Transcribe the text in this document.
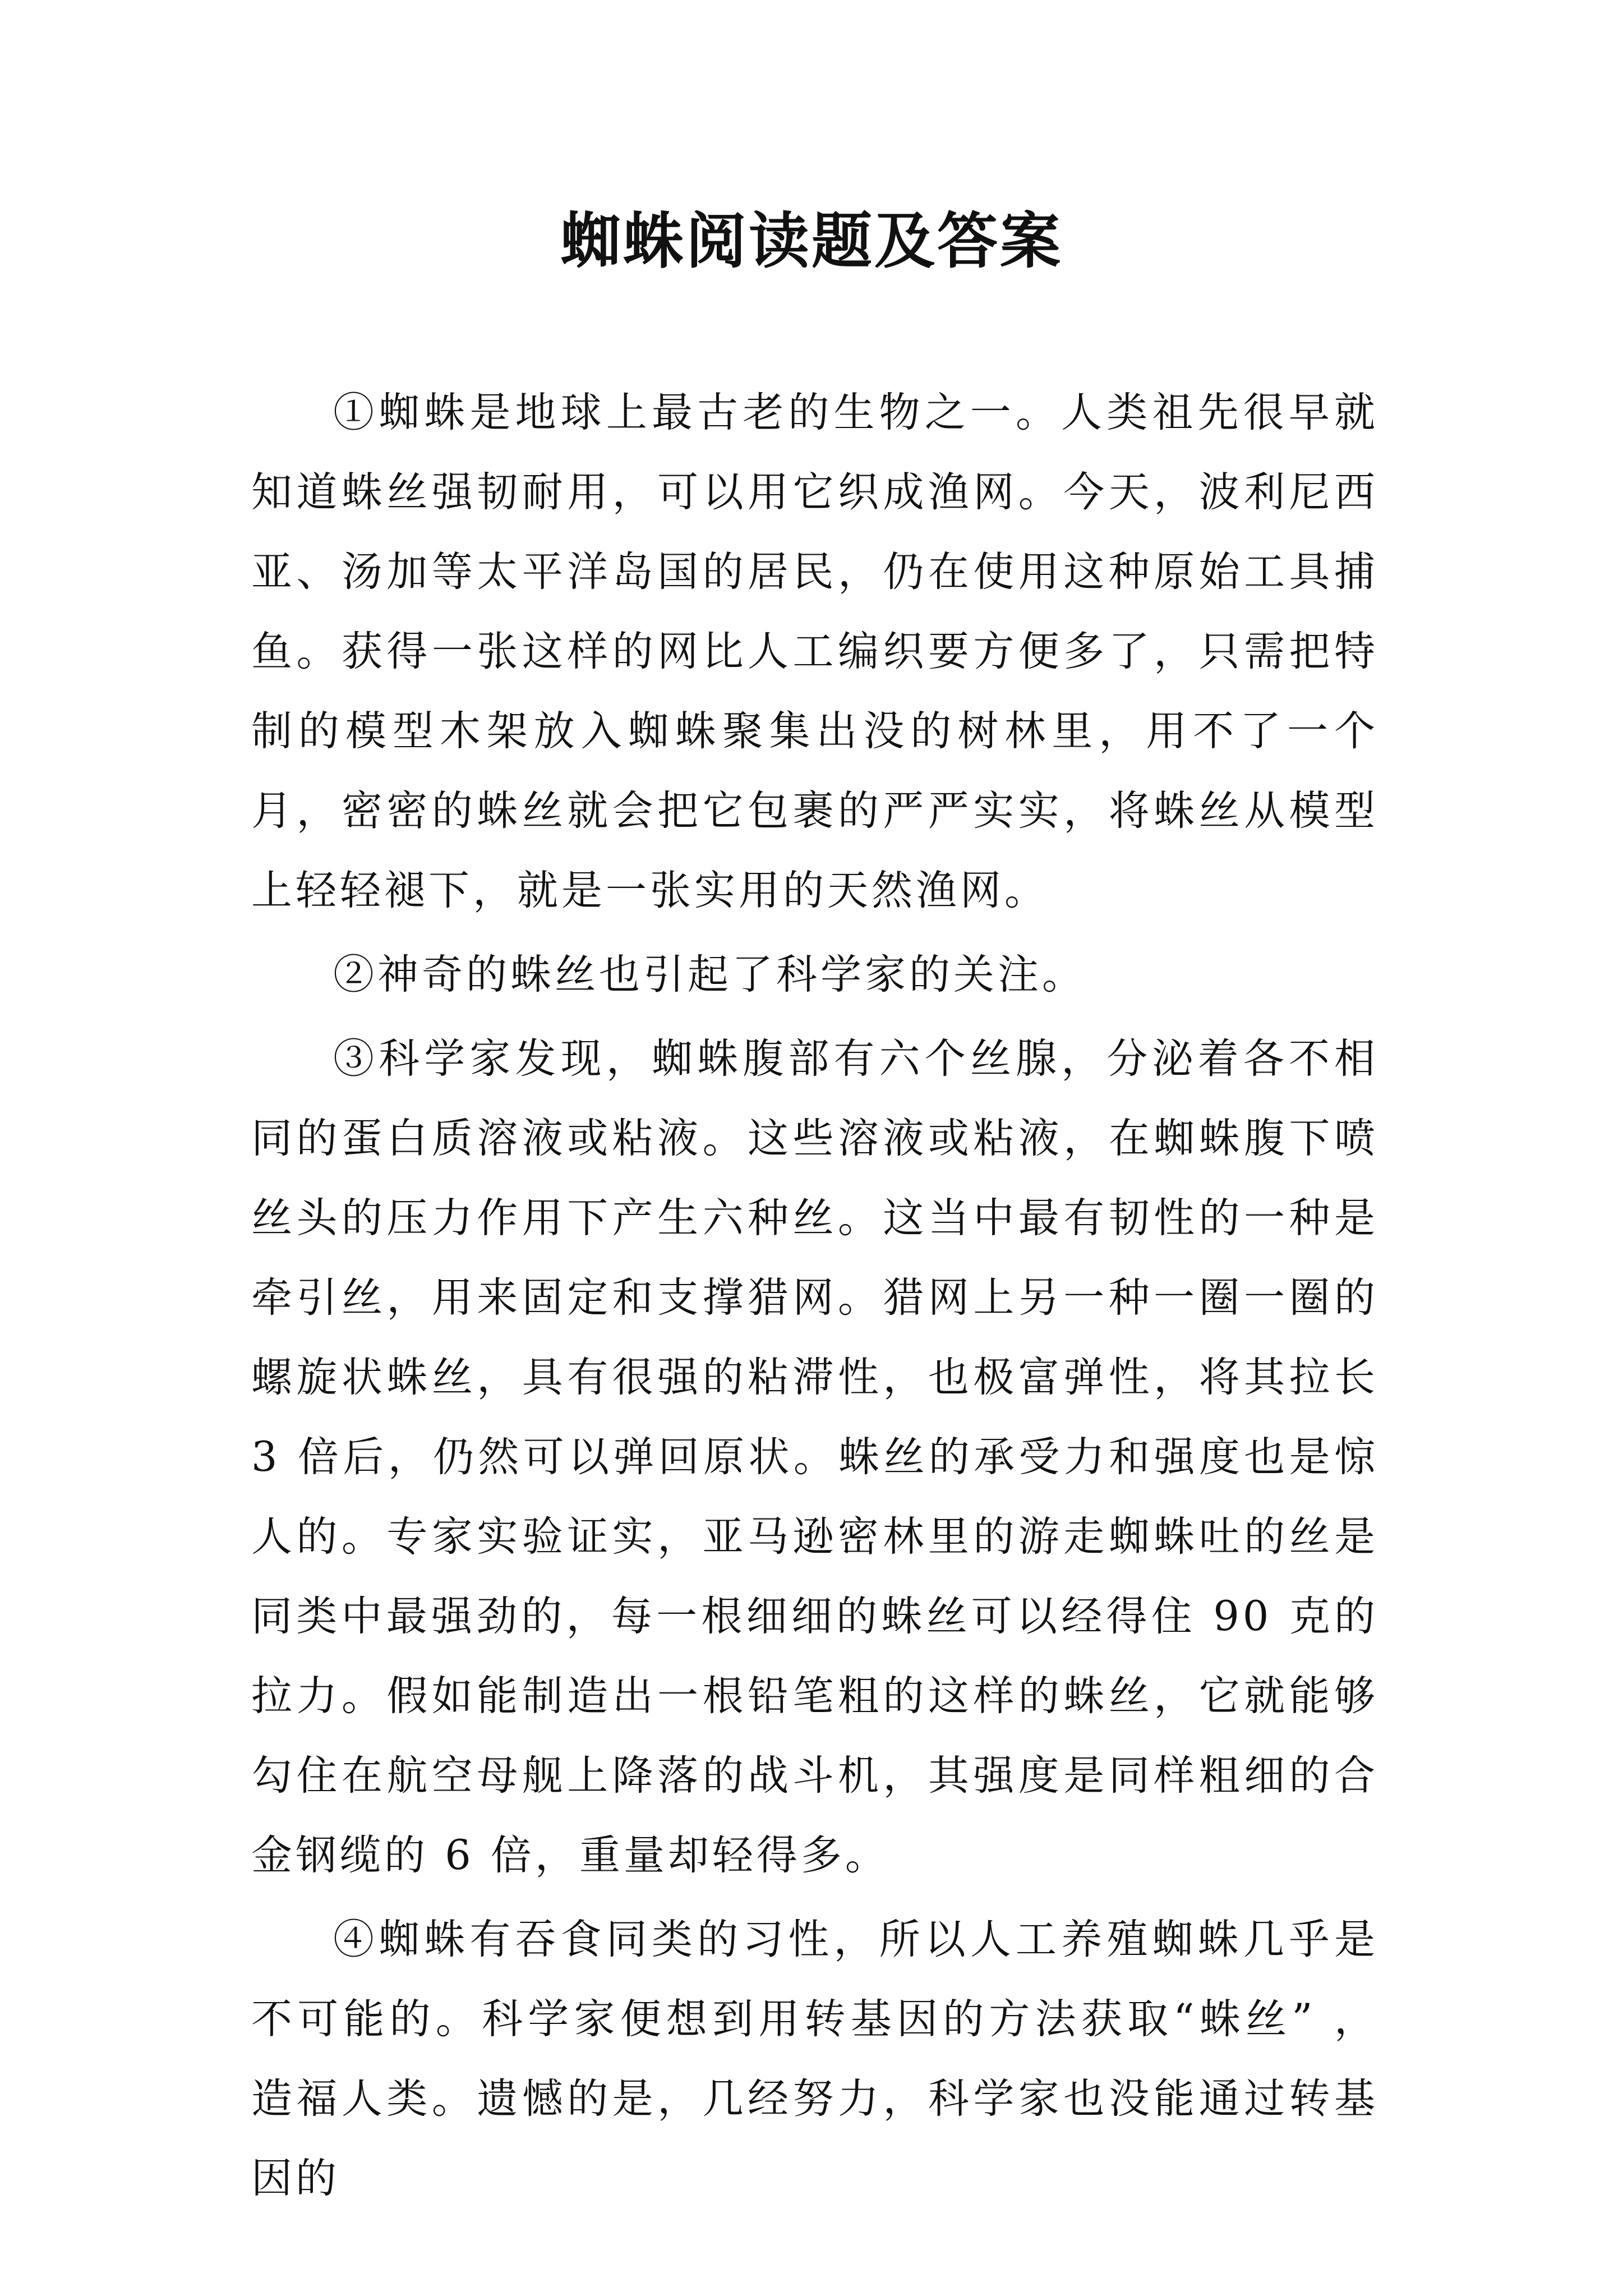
蜘蛛阅读题及答案

①蜘蛛是地球上最古老的生物之一。人类祖先很早就知道蛛丝强韧耐用，可以用它织成渔网。今天，波利尼西亚、汤加等太平洋岛国的居民，仍在使用这种原始工具捕鱼。获得一张这样的网比人工编织要方便多了，只需把特制的模型木架放入蜘蛛聚集出没的树林里，用不了一个月，密密的蛛丝就会把它包裹的严严实实，将蛛丝从模型上轻轻褪下，就是一张实用的天然渔网。

②神奇的蛛丝也引起了科学家的关注。

③科学家发现，蜘蛛腹部有六个丝腺，分泌着各不相同的蛋白质溶液或粘液。这些溶液或粘液，在蜘蛛腹下喷丝头的压力作用下产生六种丝。这当中最有韧性的一种是牵引丝，用来固定和支撑猎网。猎网上另一种一圈一圈的螺旋状蛛丝，具有很强的粘滞性，也极富弹性，将其拉长 3 倍后，仍然可以弹回原状。蛛丝的承受力和强度也是惊人的。专家实验证实，亚马逊密林里的游走蜘蛛吐的丝是同类中最强劲的，每一根细细的蛛丝可以经得住 90 克的拉力。假如能制造出一根铅笔粗的这样的蛛丝，它就能够勾住在航空母舰上降落的战斗机，其强度是同样粗细的合金钢缆的 6 倍，重量却轻得多。

④蜘蛛有吞食同类的习性，所以人工养殖蜘蛛几乎是不可能的。科学家便想到用转基因的方法获取“蛛丝” ，造福人类。遗憾的是，几经努力，科学家也没能通过转基因的
